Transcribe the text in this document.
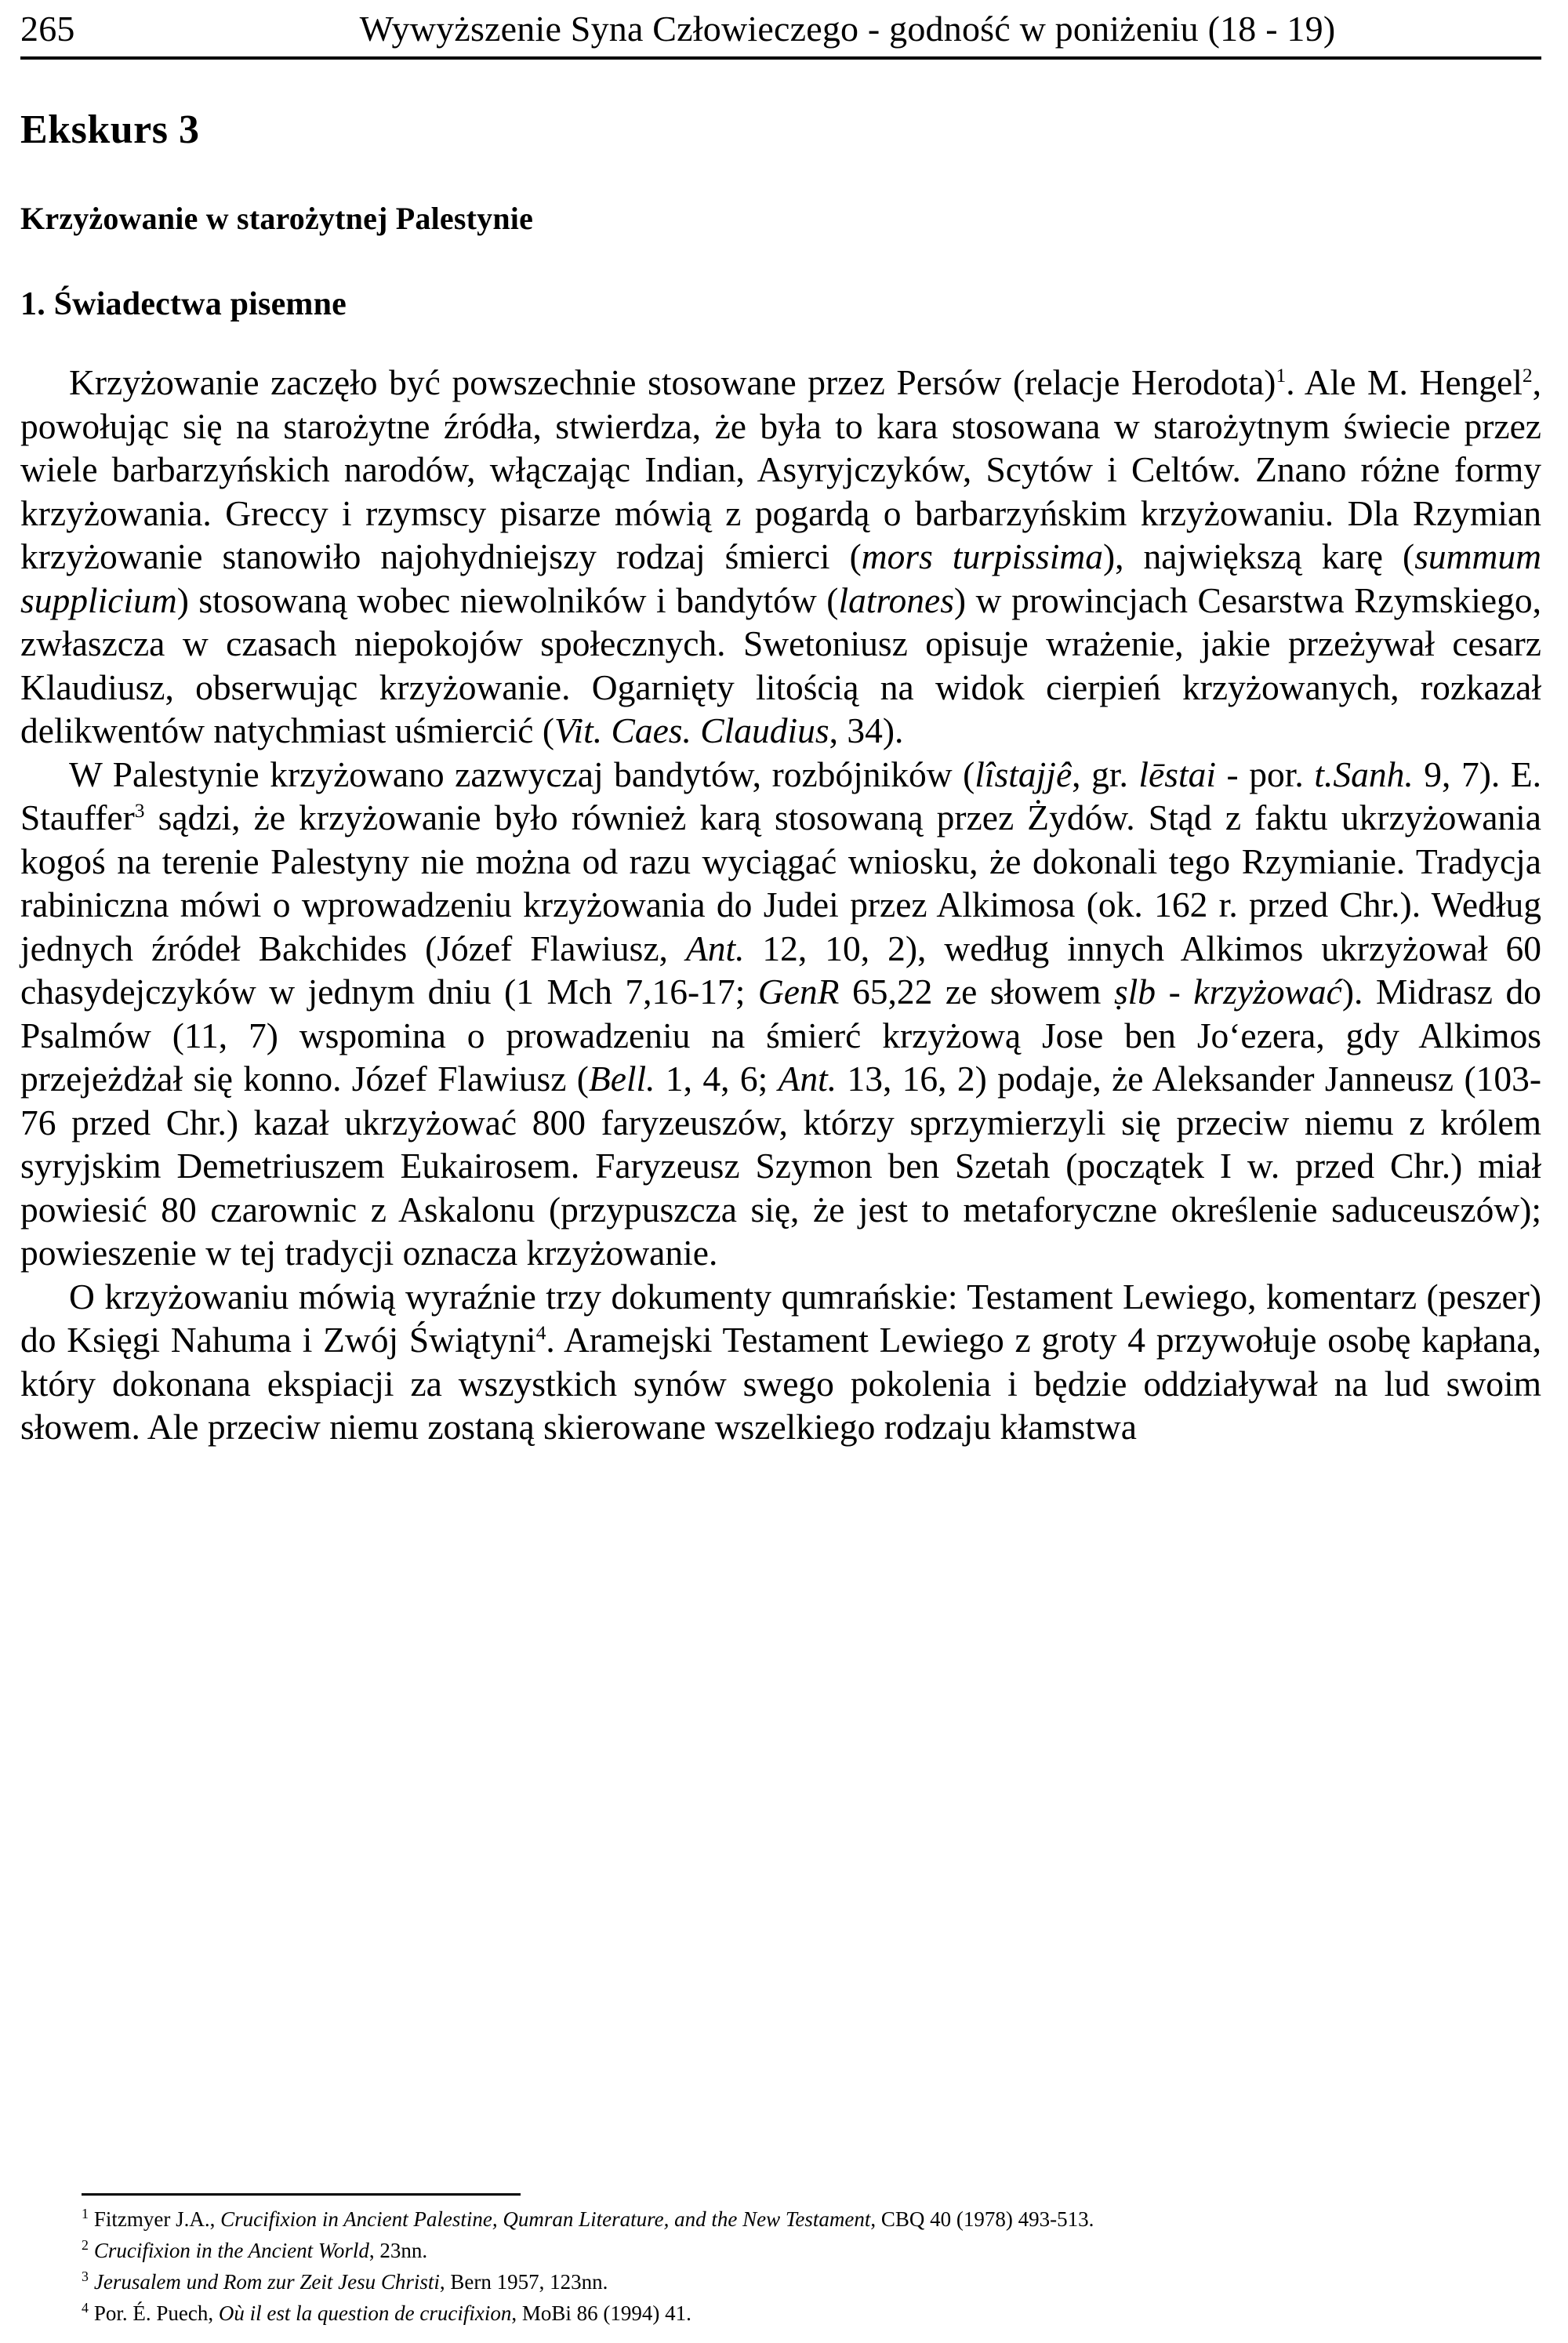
265	Wywyższenie Syna Człowieczego - godność w poniżeniu (18 - 19)
Ekskurs 3
Krzyżowanie w starożytnej Palestynie
1. Świadectwa pisemne

Krzyżowanie zaczęło być powszechnie stosowane przez Persów (relacje Herodota)$^1$. Ale M. Hengel$^2$, powołując się na starożytne źródła, stwierdza, że była to kara stosowana w starożytnym świecie przez wiele barbarzyńskich narodów, włączając Indian, Asyryjczyków, Scytów i Celtów. Znano różne formy krzyżowania. Greccy i rzymscy pisarze mówią z pogardą o barbarzyńskim krzyżowaniu. Dla Rzymian krzyżowanie stanowiło najohydniejszy rodzaj śmierci (mors turpissima), największą karę (summum supplicium) stosowaną wobec niewolników i bandytów (latrones) w prowincjach Cesarstwa Rzymskiego, zwłaszcza w czasach niepokojów społecznych. Swetoniusz opisuje wrażenie, jakie przeżywał cesarz Klaudiusz, obserwując krzyżowanie. Ogarnięty litością na widok cierpień krzyżowanych, rozkazał delikwentów natychmiast uśmiercić (Vit. Caes. Claudius, 34).

W Palestynie krzyżowano zazwyczaj bandytów, rozbójników (lîstajjê, gr. lēstai - por. t.Sanh. 9, 7). E. Stauffer$^3$ sądzi, że krzyżowanie było również karą stosowaną przez Żydów. Stąd z faktu ukrzyżowania kogoś na terenie Palestyny nie można od razu wyciągać wniosku, że dokonali tego Rzymianie. Tradycja rabiniczna mówi o wprowadzeniu krzyżowania do Judei przez Alkimosa (ok. 162 r. przed Chr.). Według jednych źródeł Bakchides (Józef Flawiusz, Ant. 12, 10, 2), według innych Alkimos ukrzyżował 60 chasydejczyków w jednym dniu (1 Mch 7,16-17; GenR 65,22 ze słowem ṣlb - krzyżować). Midrasz do Psalmów (11, 7) wspomina o prowadzeniu na śmierć krzyżową Jose ben Jo‘ezera, gdy Alkimos przejeżdżał się konno. Józef Flawiusz (Bell. 1, 4, 6; Ant. 13, 16, 2) podaje, że Aleksander Janneusz (103-76 przed Chr.) kazał ukrzyżować 800 faryzeuszów, którzy sprzymierzyli się przeciw niemu z królem syryjskim Demetriuszem Eukairosem. Faryzeusz Szymon ben Szetah (początek I w. przed Chr.) miał powiesić 80 czarownic z Askalonu (przypuszcza się, że jest to metaforyczne określenie saduceuszów); powieszenie w tej tradycji oznacza krzyżowanie.

O krzyżowaniu mówią wyraźnie trzy dokumenty qumrańskie: Testament Lewiego, komentarz (peszer) do Księgi Nahuma i Zwój Świątyni$^4$. Aramejski Testament Lewiego z groty 4 przywołuje osobę kapłana, który dokonana ekspiacji za wszystkich synów swego pokolenia i będzie oddziaływał na lud swoim słowem. Ale przeciw niemu zostaną skierowane wszelkiego rodzaju kłamstwa

$^1$ Fitzmyer J.A., Crucifixion in Ancient Palestine, Qumran Literature, and the New Testament, CBQ 40 (1978) 493-513.
$^2$ Crucifixion in the Ancient World, 23nn.
$^3$ Jerusalem und Rom zur Zeit Jesu Christi, Bern 1957, 123nn.
$^4$ Por. É. Puech, Où il est la question de crucifixion, MoBi 86 (1994) 41.
